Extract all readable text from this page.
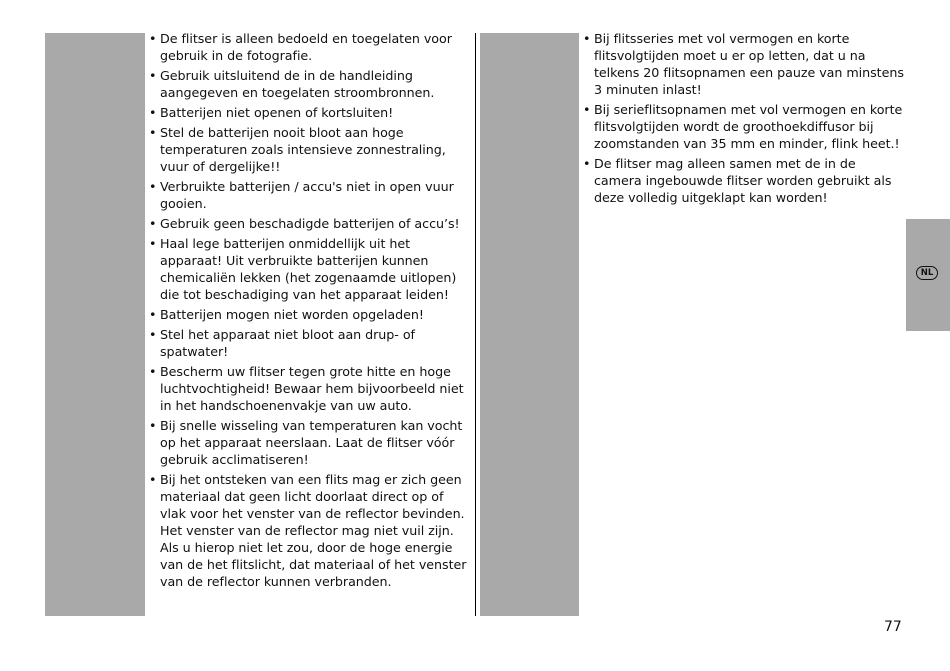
• De flitser is alleen bedoeld en toegelaten voor gebruik in de fotografie.
• Gebruik uitsluitend de in de handleiding aangegeven en toegelaten stroombronnen.
• Batterijen niet openen of kortsluiten!
• Stel de batterijen nooit bloot aan hoge temperaturen zoals intensieve zonnestraling, vuur of dergelijke!!
• Verbruikte batterijen / accu's niet in open vuur gooien.
• Gebruik geen beschadigde batterijen of accu’s!
• Haal lege batterijen onmiddellijk uit het apparaat! Uit verbruikte batterijen kunnen chemicaliën lekken (het zogenaamde uitlopen) die tot beschadiging van het apparaat leiden!
• Batterijen mogen niet worden opgeladen!
• Stel het apparaat niet bloot aan drup- of spatwater!
• Bescherm uw flitser tegen grote hitte en hoge luchtvochtigheid! Bewaar hem bijvoorbeeld niet in het handschoenenvakje van uw auto.
• Bij snelle wisseling van temperaturen kan vocht op het apparaat neerslaan. Laat de flitser vóór gebruik acclimatiseren!
• Bij het ontsteken van een flits mag er zich geen materiaal dat geen licht doorlaat direct op of vlak voor het venster van de reflector bevinden. Het venster van de reflector mag niet vuil zijn. Als u hierop niet let zou, door de hoge energie van de het flitslicht, dat materiaal of het venster van de reflector kunnen verbranden.
• Bij flitsseries met vol vermogen en korte flitsvolgtijden moet u er op letten, dat u na telkens 20 flitsopnamen een pauze van minstens 3 minuten inlast!
• Bij serieflitsopnamen met vol vermogen en korte flitsvolgtijden wordt de groothoekdiffusor bij zoomstanden van 35 mm en minder, flink heet.!
• De flitser mag alleen samen met de in de camera ingebouwde flitser worden gebruikt als deze volledig uitgeklapt kan worden!
NL
77
